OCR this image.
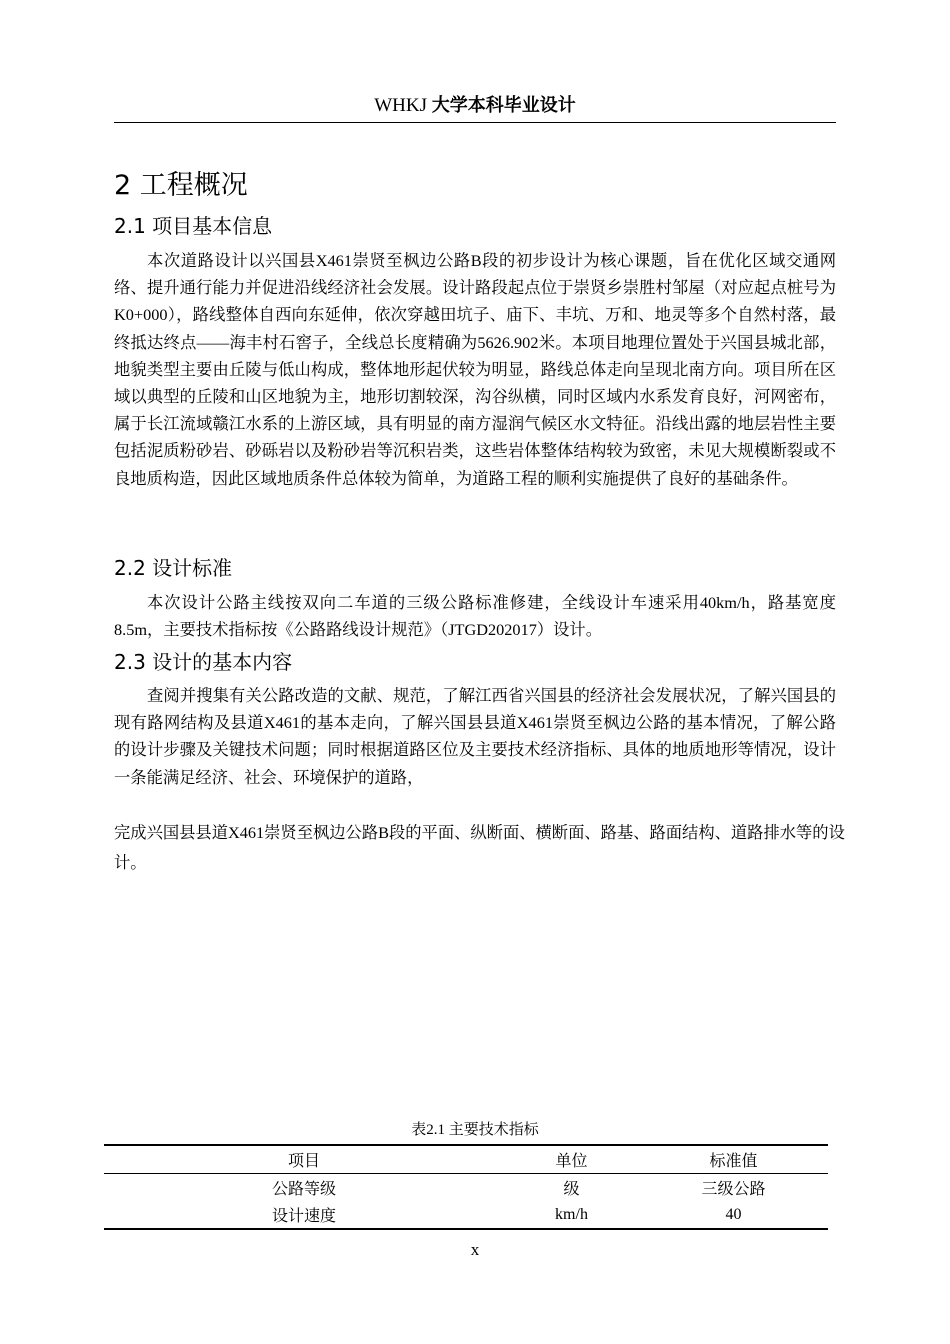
WHKJ 大学本科毕业设计
2 工程概况
2.1 项目基本信息
本次道路设计以兴国县X461崇贤至枫边公路B段的初步设计为核心课题，旨在优化区域交通网络、提升通行能力并促进沿线经济社会发展。设计路段起点位于崇贤乡崇胜村邹屋（对应起点桩号为K0+000），路线整体自西向东延伸，依次穿越田坑子、庙下、丰坑、万和、地灵等多个自然村落，最终抵达终点——海丰村石窖子，全线总长度精确为5626.902米。本项目地理位置处于兴国县城北部，地貌类型主要由丘陵与低山构成，整体地形起伏较为明显，路线总体走向呈现北南方向。项目所在区域以典型的丘陵和山区地貌为主，地形切割较深，沟谷纵横，同时区域内水系发育良好，河网密布，属于长江流域赣江水系的上游区域，具有明显的南方湿润气候区水文特征。沿线出露的地层岩性主要包括泥质粉砂岩、砂砾岩以及粉砂岩等沉积岩类，这些岩体整体结构较为致密，未见大规模断裂或不良地质构造，因此区域地质条件总体较为简单，为道路工程的顺利实施提供了良好的基础条件。
2.2 设计标准
本次设计公路主线按双向二车道的三级公路标准修建，全线设计车速采用40km/h，路基宽度8.5m，主要技术指标按《公路路线设计规范》（JTGD202017）设计。
2.3 设计的基本内容
查阅并搜集有关公路改造的文献、规范，了解江西省兴国县的经济社会发展状况，了解兴国县的现有路网结构及县道X461的基本走向，了解兴国县县道X461崇贤至枫边公路的基本情况，了解公路的设计步骤及关键技术问题；同时根据道路区位及主要技术经济指标、具体的地质地形等情况，设计一条能满足经济、社会、环境保护的道路，
完成兴国县县道X461崇贤至枫边公路B段的平面、纵断面、横断面、路基、路面结构、道路排水等的设计。
表2.1 主要技术指标
项目	单位	标准值
公路等级	级	三级公路
设计速度	km/h	40
x
